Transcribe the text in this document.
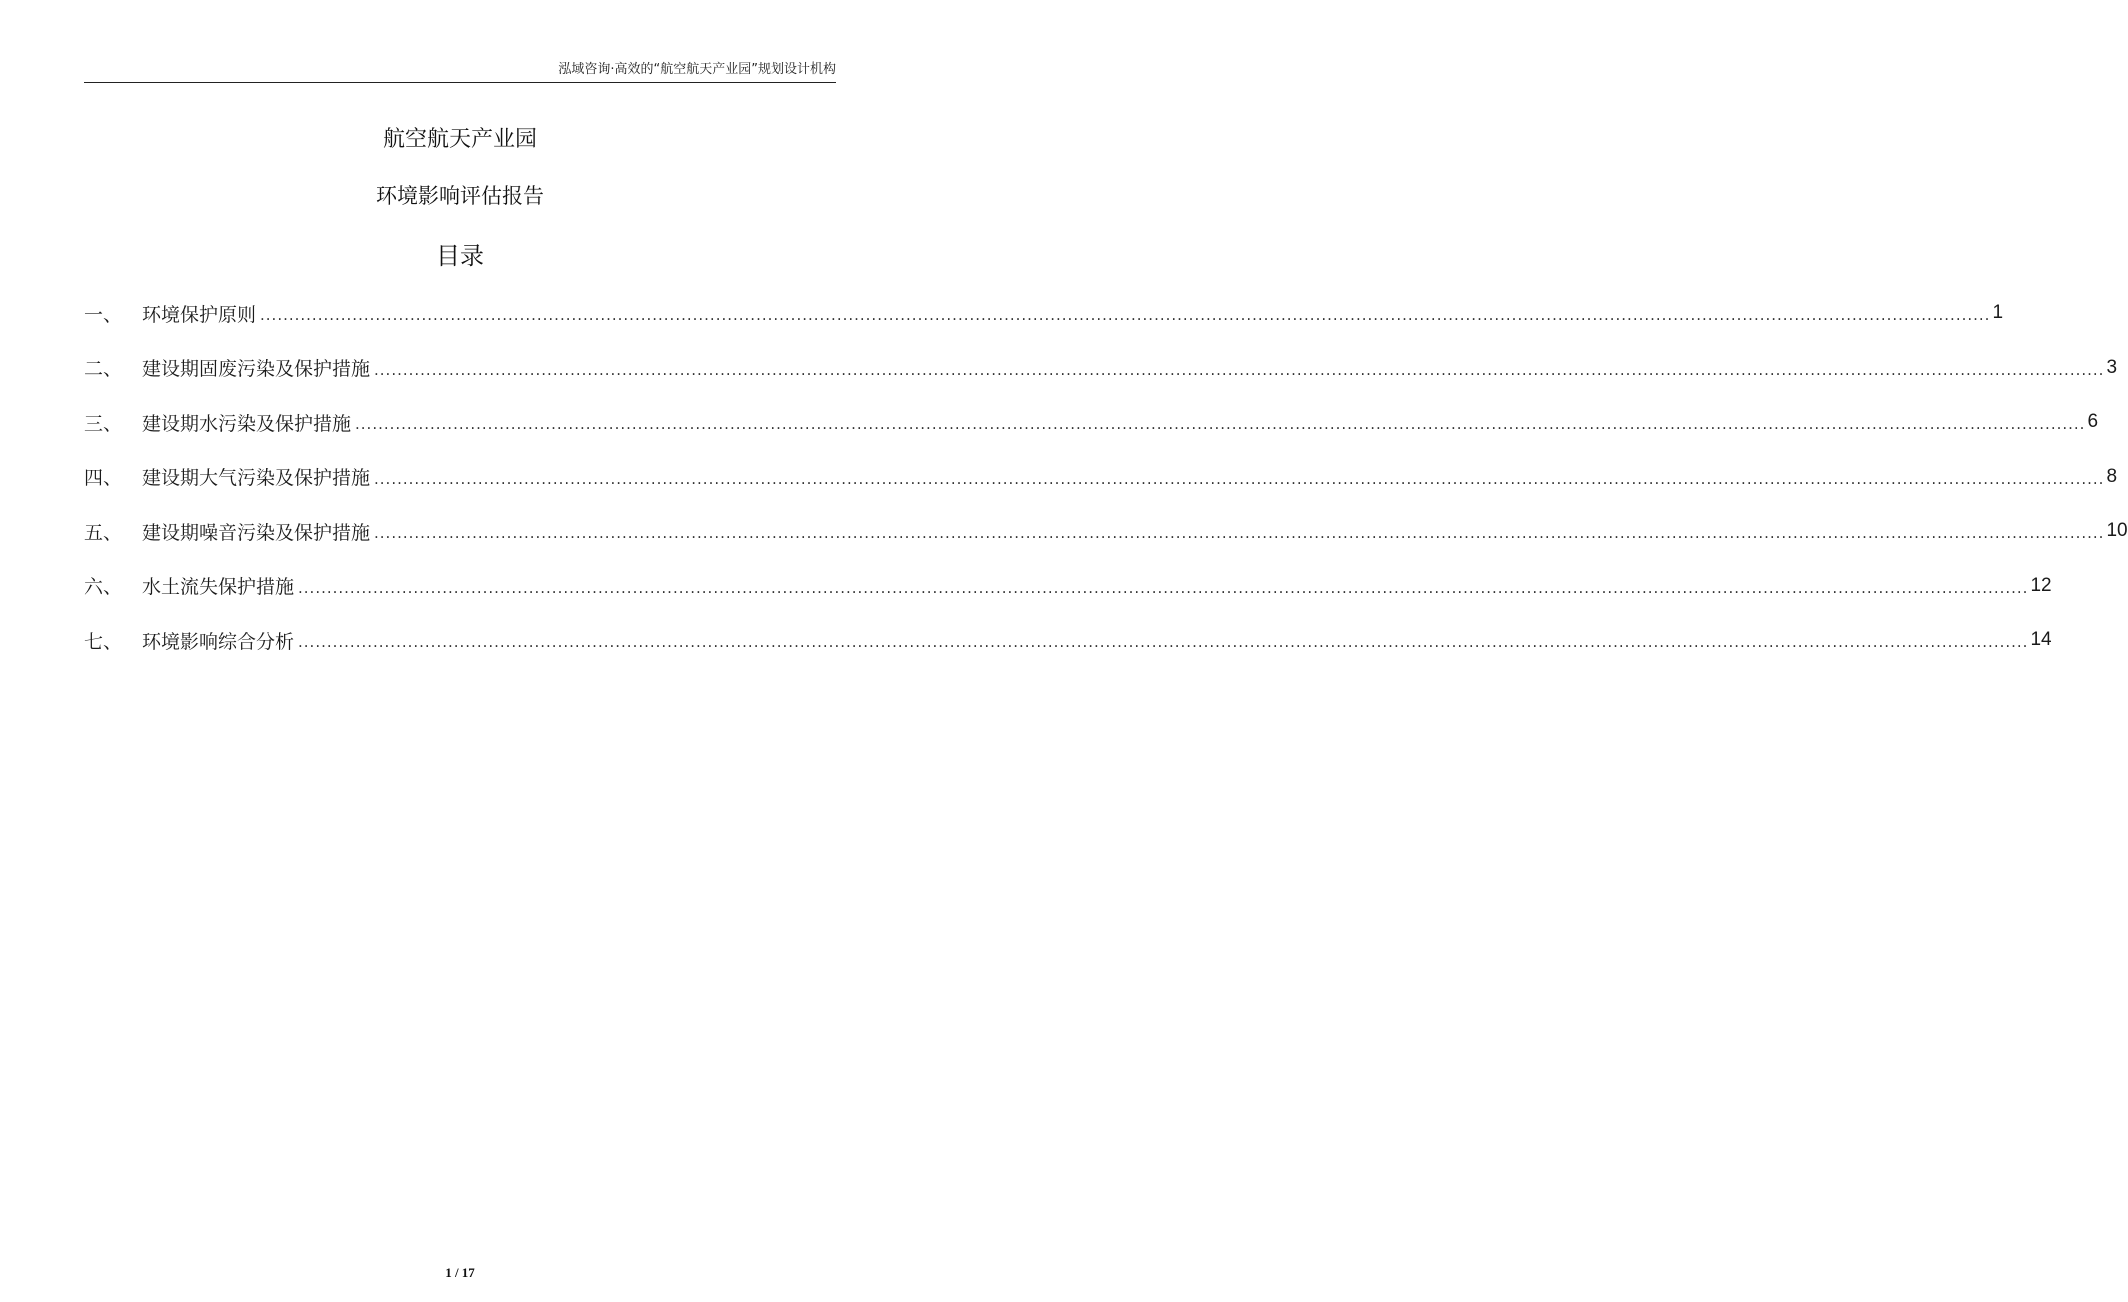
泓域咨询·高效的“航空航天产业园”规划设计机构
航空航天产业园
环境影响评估报告
目录
一、	环境保护原则 ............................................................................................................................................................................................................................................................................................................ 1
二、	建设期固废污染及保护措施 ............................................................................................................................................................................................................................................................................................................ 3
三、	建设期水污染及保护措施 ............................................................................................................................................................................................................................................................................................................ 6
四、	建设期大气污染及保护措施 ............................................................................................................................................................................................................................................................................................................ 8
五、	建设期噪音污染及保护措施 ............................................................................................................................................................................................................................................................................................................ 10
六、	水土流失保护措施 ............................................................................................................................................................................................................................................................................................................ 12
七、	环境影响综合分析 ............................................................................................................................................................................................................................................................................................................ 14
1 / 17
